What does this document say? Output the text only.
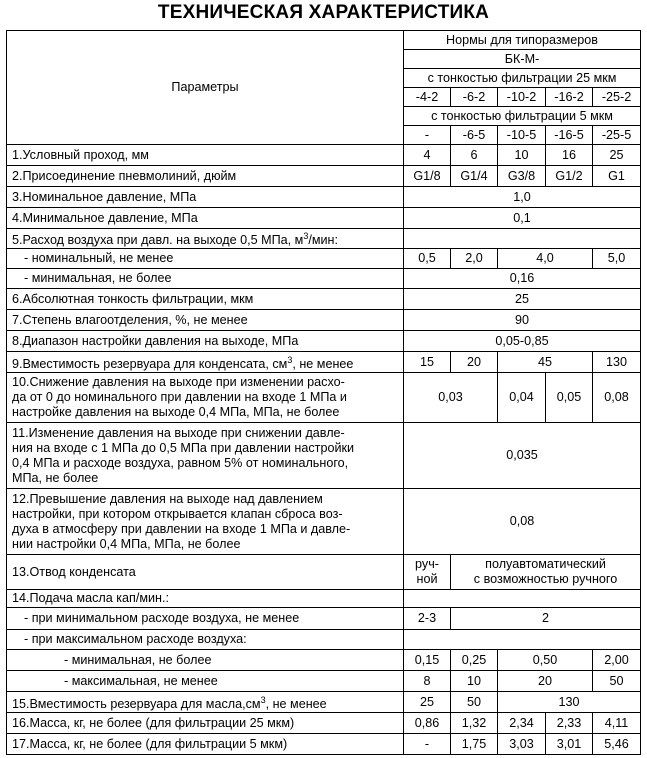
ТЕХНИЧЕСКАЯ ХАРАКТЕРИСТИКА
Параметры	Нормы для типоразмеров				
	БК-М-				
	с тонкостью фильтрации 25 мкм				
	-4-2	-6-2	-10-2	-16-2	-25-2
	с тонкостью фильтрации 5 мкм				
	-	-6-5	-10-5	-16-5	-25-5
1.Условный проход, мм	4	6	10	16	25
2.Присоединение пневмолиний, дюйм	G1/8	G1/4	G3/8	G1/2	G1
3.Номинальное давление, МПа	1,0				
4.Минимальное давление, МПа	0,1				
5.Расход воздуха при давл. на выходе 0,5 МПа, $м^3$/мин:					

- номинальный, не менее	0,5	2,0	4,0		5,0

- минимальная, не более	0,16				
6.Абсолютная тонкость фильтрации, мкм	25				
7.Степень влагоотделения, %, не менее	90				
8.Диапазон настройки давления на выходе, МПа	0,05-0,85				
9.Вместимость резервуара для конденсата, $см^3$, не менее	15	20	45		130

10.Снижение давления на выходе при изменении расхо-
да от 0 до номинального при давлении на входе 1 МПа и
настройке давления на выходе 0,4 МПа, МПа, не более	0,03		0,04	0,05	0,08

11.Изменение давления на выходе при снижении давле-
ния на входе с 1 МПа до 0,5 МПа при давлении настройки
0,4 МПа и расходе воздуха, равном 5% от номинального,
МПа, не более	0,035				

12.Превышение давления на выходе над давлением
настройки, при котором открывается клапан сброса воз-
духа в атмосферу при давлении на входе 1 МПа и давле-
нии настройки 0,4 МПа, МПа, не более	0,08				
13.Отвод конденсата	руч-
ной	полуавтоматический
с возможностью ручного			

14.Подача масла кап/мин.:					

- при минимальном расходе воздуха, не менее	2-3	2			

- при максимальном расходе воздуха:					

- минимальная, не более	0,15	0,25	0,50		2,00

- максимальная, не менее	8	10	20		50
15.Вместимость резервуара для $масла,см^3$, не менее	25	50	130		
16.Масса, кг, не более (для фильтрации 25 мкм)	0,86	1,32	2,34	2,33	4,11
17.Масса, кг, не более (для фильтрации 5 мкм)	-	1,75	3,03	3,01	5,46
